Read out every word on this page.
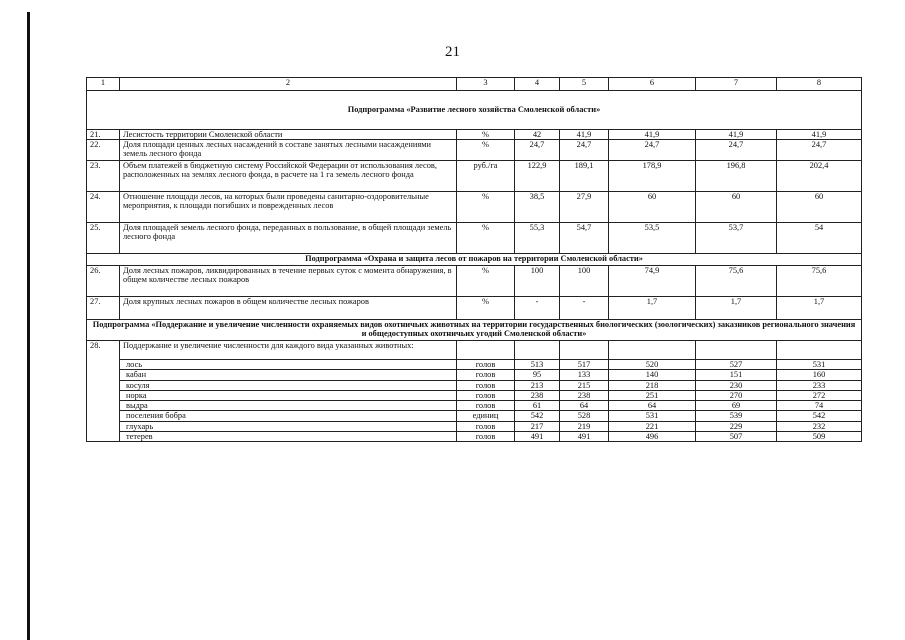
21
1	2	3	4	5	6	7	8
Подпрограмма «Развитие лесного хозяйства Смоленской области»							
21.	Лесистость территории Смоленской области	%	42	41,9	41,9	41,9	41,9
22.	Доля площади ценных лесных насаждений в составе занятых лесными насаждениями земель лесного фонда	%	24,7	24,7	24,7	24,7	24,7
23.	Объем платежей в бюджетную систему Российской Федерации от использования лесов, расположенных на землях лесного фонда, в расчете на 1 га земель лесного фонда	руб./га	122,9	189,1	178,9	196,8	202,4
24.	Отношение площади лесов, на которых были проведены санитарно-оздоровительные мероприятия, к площади погибших и поврежденных лесов	%	38,5	27,9	60	60	60
25.	Доля площадей земель лесного фонда, переданных в пользование, в общей площади земель лесного фонда	%	55,3	54,7	53,5	53,7	54
Подпрограмма «Охрана и защита лесов от пожаров на территории Смоленской области»							
26.	Доля лесных пожаров, ликвидированных в течение первых суток с момента обнаружения, в общем количестве лесных пожаров	%	100	100	74,9	75,6	75,6
27.	Доля крупных лесных пожаров в общем количестве лесных пожаров	%	-	-	1,7	1,7	1,7
Подпрограмма «Поддержание и увеличение численности охраняемых видов охотничьих животных на территории государственных биологических (зоологических) заказников регионального значения и общедоступных охотничьих угодий Смоленской области»							
28.	Поддержание и увеличение численности для каждого вида указанных животных:						
	лось	голов	513	517	520	527	531
	кабан	голов	95	133	140	151	160
	косуля	голов	213	215	218	230	233
	норка	голов	238	238	251	270	272
	выдра	голов	61	64	64	69	74
	поселения бобра	единиц	542	528	531	539	542
	глухарь	голов	217	219	221	229	232
	тетерев	голов	491	491	496	507	509
